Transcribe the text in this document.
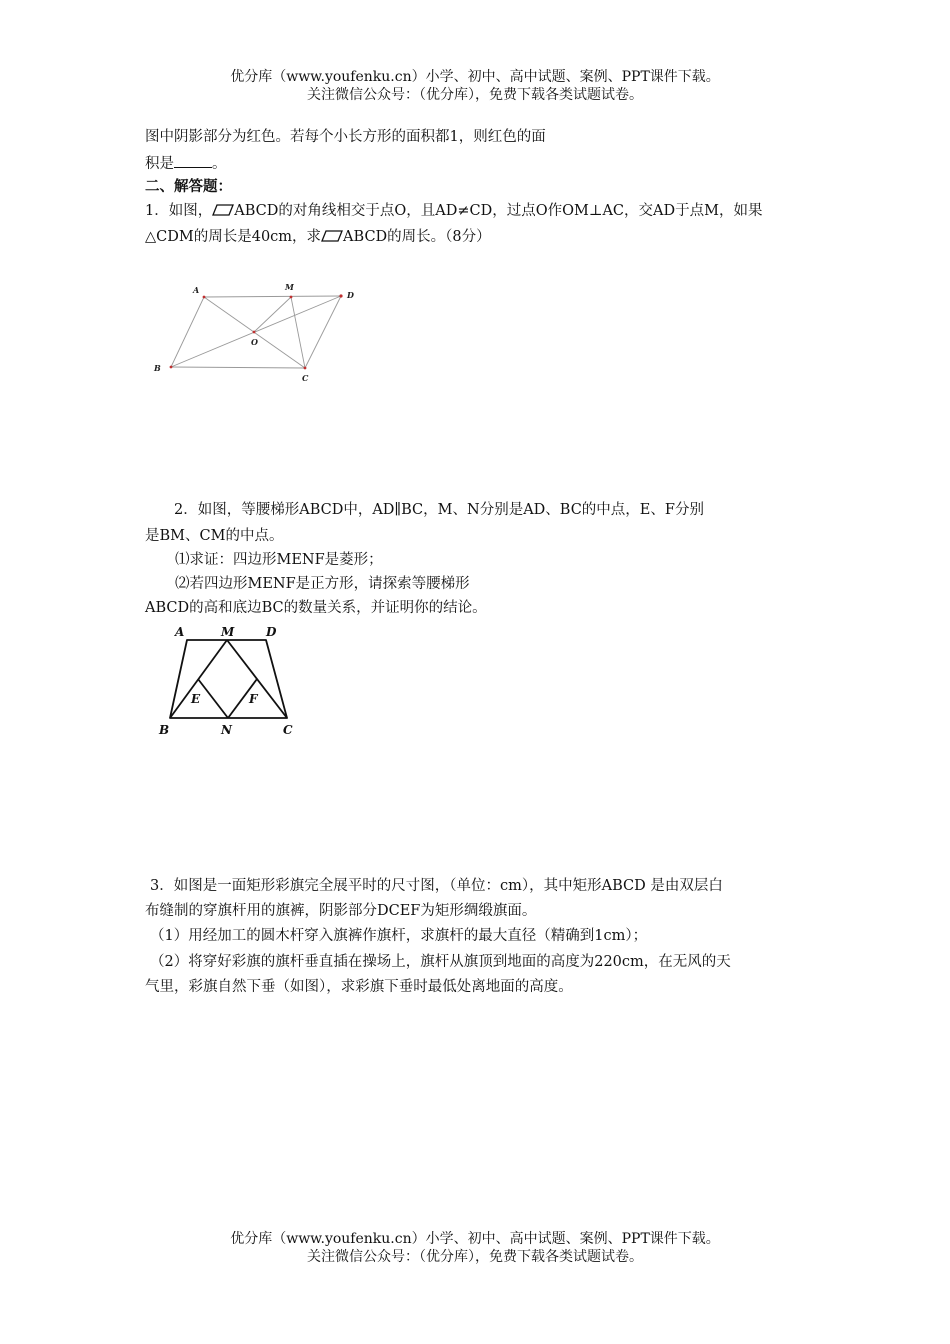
优分库（www.youfenku.cn）小学、初中、高中试题、案例、PPT课件下载。
关注微信公众号：（优分库），免费下载各类试题试卷。
图中阴影部分为红色。若每个小长方形的面积都1，则红色的面
积是	。
二、解答题：
1．如图， ABCD的对角线相交于点O，且AD≠CD，过点O作OM⊥AC，交AD于点M，如果
△CDM的周长是40cm，求 ABCD的周长。（8分）
A	M
D
O
B
C
2．如图，等腰梯形ABCD中，AD∥BC，M、N分别是AD、BC的中点，E、F分别
是BM、CM的中点。
⑴求证：四边形MENF是菱形；
⑵若四边形MENF是正方形，请探索等腰梯形
ABCD的高和底边BC的数量关系，并证明你的结论。
A	M	D
E	F
B	N	C
3．如图是一面矩形彩旗完全展平时的尺寸图，（单位：cm），其中矩形ABCD 是由双层白
布缝制的穿旗杆用的旗裤，阴影部分DCEF为矩形绸缎旗面。
（1）用经加工的圆木杆穿入旗裤作旗杆，求旗杆的最大直径（精确到1cm）；
（2）将穿好彩旗的旗杆垂直插在操场上，旗杆从旗顶到地面的高度为220cm，在无风的天
气里，彩旗自然下垂（如图），求彩旗下垂时最低处离地面的高度。
优分库（www.youfenku.cn）小学、初中、高中试题、案例、PPT课件下载。
关注微信公众号：（优分库），免费下载各类试题试卷。
